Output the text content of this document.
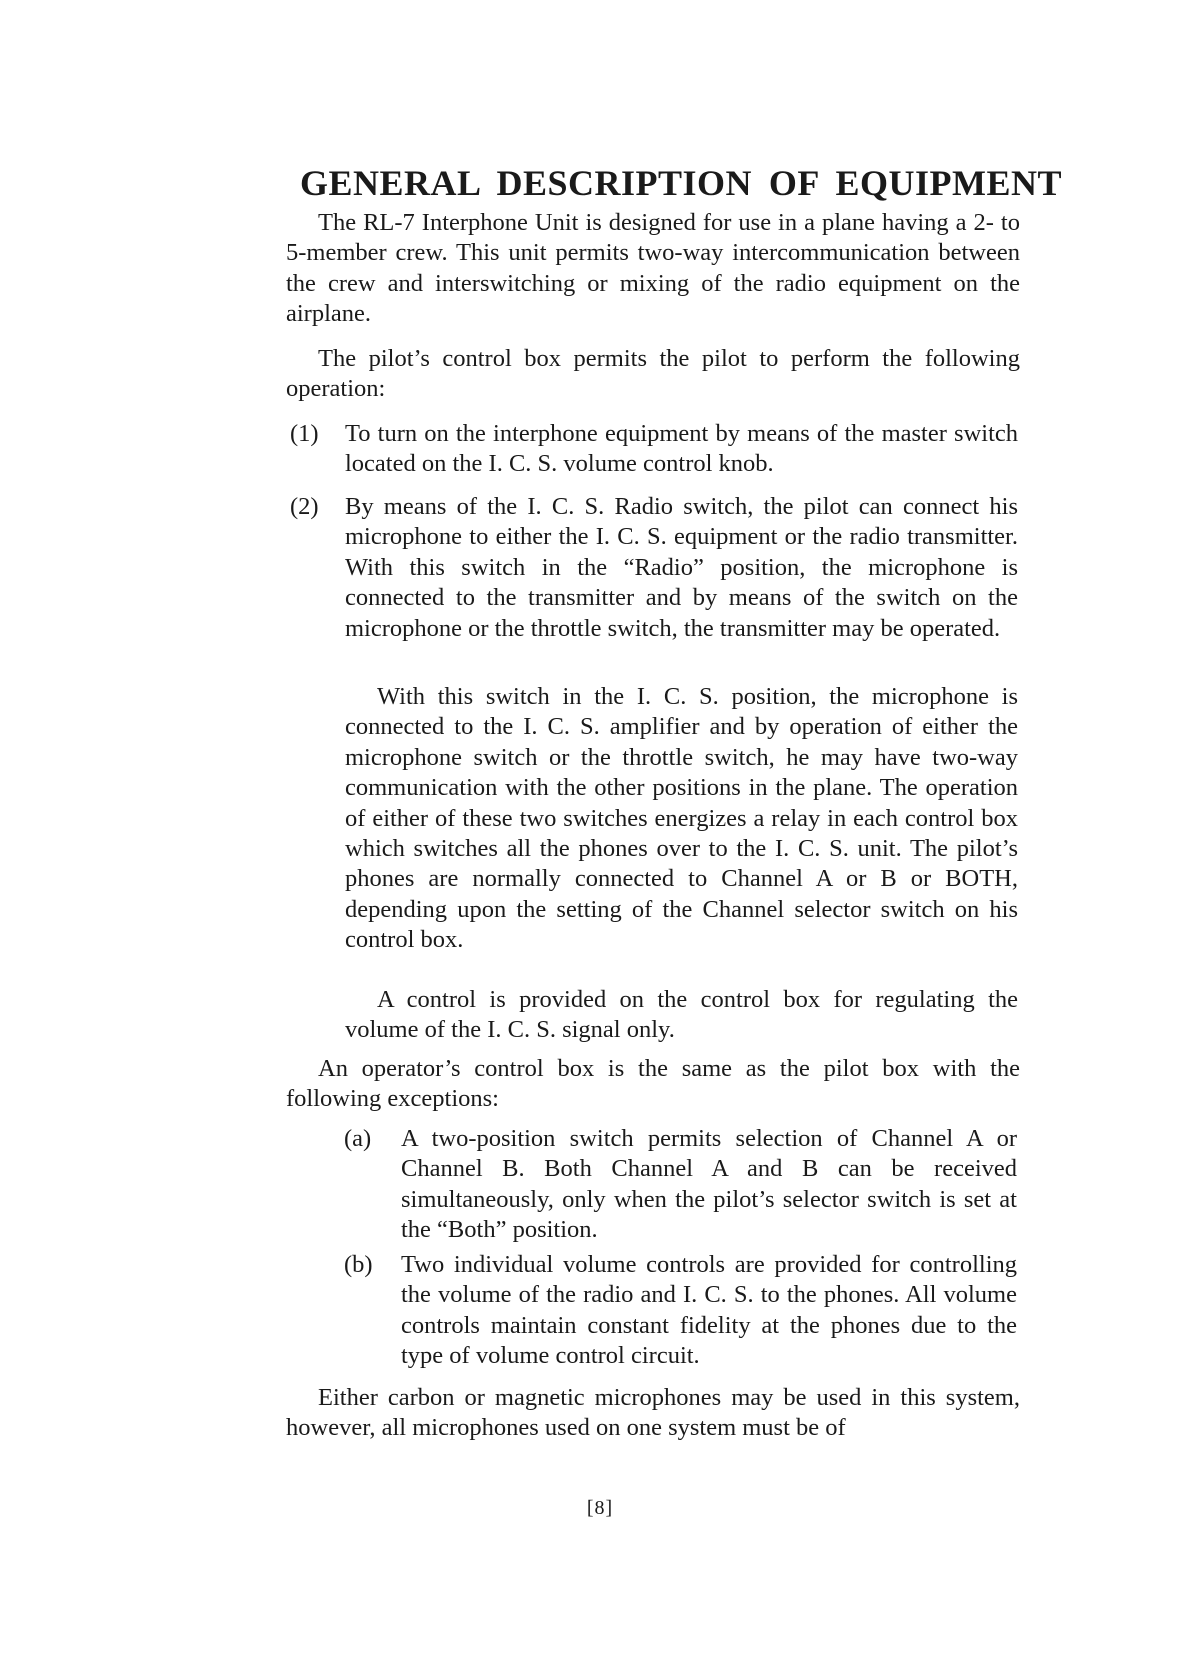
GENERAL DESCRIPTION OF EQUIPMENT

The RL-7 Interphone Unit is designed for use in a plane having a 2- to 5-member crew. This unit permits two-way intercommunication between the crew and interswitching or mixing of the radio equipment on the airplane.

The pilot’s control box permits the pilot to perform the following operation:

(1) To turn on the interphone equipment by means of the master switch located on the I. C. S. volume control knob.
(2) By means of the I. C. S. Radio switch, the pilot can connect his microphone to either the I. C. S. equipment or the radio transmitter. With this switch in the “Radio” position, the microphone is connected to the transmitter and by means of the switch on the microphone or the throttle switch, the transmitter may be operated.

With this switch in the I. C. S. position, the microphone is connected to the I. C. S. amplifier and by operation of either the microphone switch or the throttle switch, he may have two-way communication with the other positions in the plane. The operation of either of these two switches energizes a relay in each control box which switches all the phones over to the I. C. S. unit. The pilot’s phones are normally connected to Channel A or B or BOTH, depending upon the setting of the Channel selector switch on his control box.

A control is provided on the control box for regulating the volume of the I. C. S. signal only.

An operator’s control box is the same as the pilot box with the following exceptions:

(a) A two-position switch permits selection of Channel A or Channel B. Both Channel A and B can be received simultaneously, only when the pilot’s selector switch is set at the “Both” position.
(b) Two individual volume controls are provided for controlling the volume of the radio and I. C. S. to the phones. All volume controls maintain constant fidelity at the phones due to the type of volume control circuit.

Either carbon or magnetic microphones may be used in this system, however, all microphones used on one system must be of

[8]
